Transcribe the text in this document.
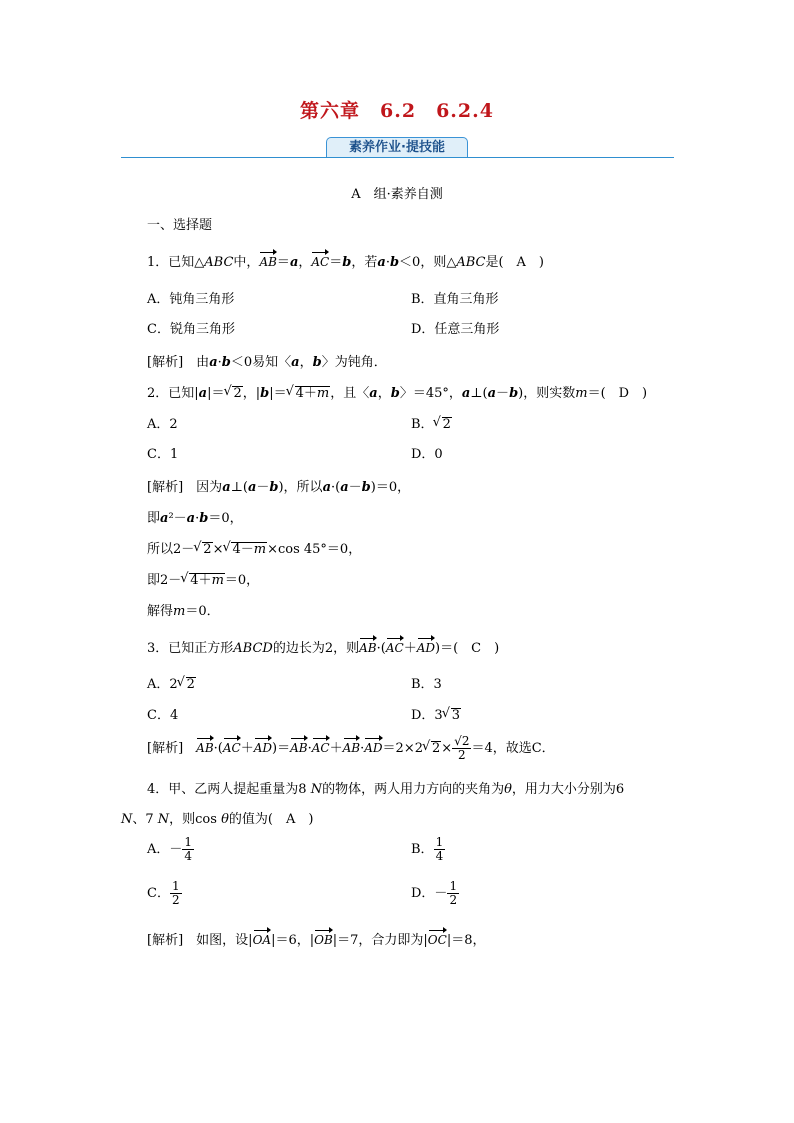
第六章　6.2　6.2.4
素养作业·提技能
A　组·素养自测
一、选择题
1．已知△ABC中，AB＝a，AC＝b，若a·b＜0，则△ABC是(　A　)
A．钝角三角形	B．直角三角形
C．锐角三角形	D．任意三角形
[解析]　 由a·b＜0易知〈a，b〉为钝角．
2．已知|a|＝ √ 2，|b|＝ √ 4＋m，且〈a，b〉＝45°，a⊥(a－b)，则实数m＝(　D　)
A．2	B． √ 2
C．1	D．0
[解析]　 因为a⊥(a－b)，所以a·(a－b)＝0，
即a²－a·b＝0，
所以2－ √ 2× √ 4－m×cos 45°＝0，
即2－ √ 4＋m＝0，
解得m＝0．
3．已知正方形ABCD的边长为2，则AB·(AC＋AD)＝(　C　)
A．2 √ 2	B．3
C．4	D．3 √ 3
[解析]　 AB·(AC＋AD)＝AB·AC＋AB·AD＝2×2 √ $2\times \frac{√2}{2} =4$，故选C．
4．甲、乙两人提起重量为8 N的物体，两人用力方向的夹角为θ，用力大小分别为6
N、7 N，则cos θ的值为(　A　)
A．－ $\frac{1}{4}$	B． $\frac{1}{4}$
C． $\frac{1}{2}$	D．－ $\frac{1}{2}$
[解析]　 如图，设|OA|＝6，|OB|＝7，合力即为|OC|＝8，
